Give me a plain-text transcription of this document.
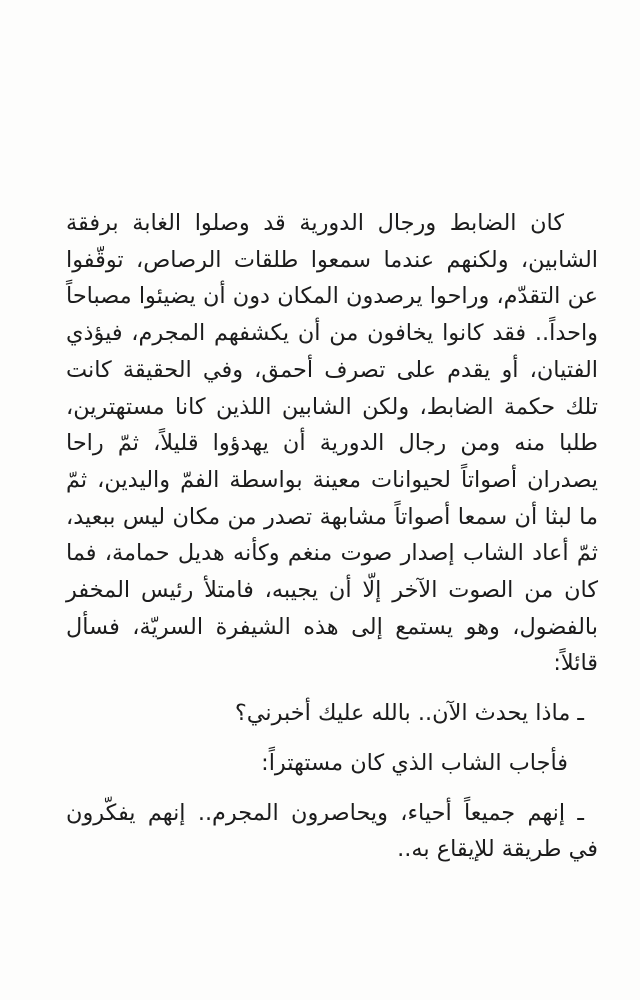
كان الضابط ورجال الدورية قد وصلوا الغابة برفقة الشابين، ولكنهم عندما سمعوا طلقات الرصاص، توقّفوا عن التقدّم، وراحوا يرصدون المكان دون أن يضيئوا مصباحاً واحداً.. فقد كانوا يخافون من أن يكشفهم المجرم، فيؤذي الفتيان، أو يقدم على تصرف أحمق، وفي الحقيقة كانت تلك حكمة الضابط، ولكن الشابين اللذين كانا مستهترين، طلبا منه ومن رجال الدورية أن يهدؤوا قليلاً، ثمّ راحا يصدران أصواتاً لحيوانات معينة بواسطة الفمّ واليدين، ثمّ ما لبثا أن سمعا أصواتاً مشابهة تصدر من مكان ليس ببعيد، ثمّ أعاد الشاب إصدار صوت منغم وكأنه هديل حمامة، فما كان من الصوت الآخر إلّا أن يجيبه، فامتلأ رئيس المخفر بالفضول، وهو يستمع إلى هذه الشيفرة السريّة، فسأل قائلاً:

ـ ماذا يحدث الآن.. بالله عليك أخبرني؟

فأجاب الشاب الذي كان مستهتراً:

ـ إنهم جميعاً أحياء، ويحاصرون المجرم.. إنهم يفكّرون في طريقة للإيقاع به..
